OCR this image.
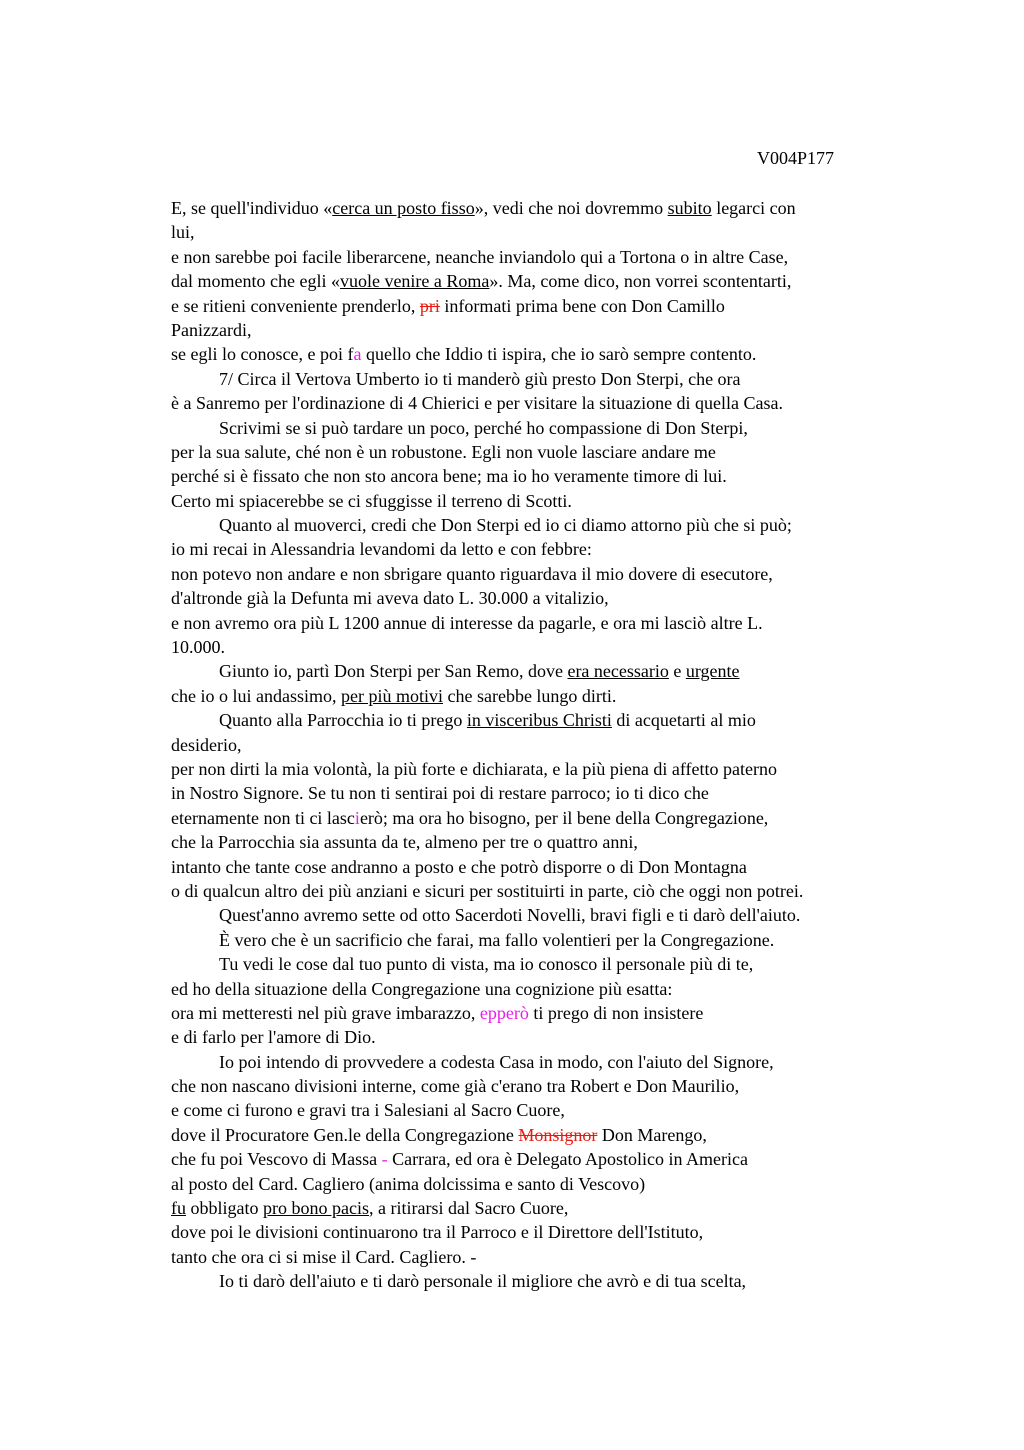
V004P177
E, se quell'individuo «cerca un posto fisso», vedi che noi dovremmo subito legarci con
lui,
e non sarebbe poi facile liberarcene, neanche inviandolo qui a Tortona o in altre Case,
dal momento che egli «vuole venire a Roma». Ma, come dico, non vorrei scontentarti,
e se ritieni conveniente prenderlo, pri informati prima bene con Don Camillo
Panizzardi,
se egli lo conosce, e poi fa quello che Iddio ti ispira, che io sarò sempre contento.
7/ Circa il Vertova Umberto io ti manderò giù presto Don Sterpi, che ora
è a Sanremo per l'ordinazione di 4 Chierici e per visitare la situazione di quella Casa.
Scrivimi se si può tardare un poco, perché ho compassione di Don Sterpi,
per la sua salute, ché non è un robustone. Egli non vuole lasciare andare me
perché si è fissato che non sto ancora bene; ma io ho veramente timore di lui.
Certo mi spiacerebbe se ci sfuggisse il terreno di Scotti.
Quanto al muoverci, credi che Don Sterpi ed io ci diamo attorno più che si può;
io mi recai in Alessandria levandomi da letto e con febbre:
non potevo non andare e non sbrigare quanto riguardava il mio dovere di esecutore,
d'altronde già la Defunta mi aveva dato L. 30.000 a vitalizio,
e non avremo ora più L 1200 annue di interesse da pagarle, e ora mi lasciò altre L.
10.000.
Giunto io, partì Don Sterpi per San Remo, dove era necessario e urgente
che io o lui andassimo, per più motivi che sarebbe lungo dirti.
Quanto alla Parrocchia io ti prego in visceribus Christi di acquetarti al mio
desiderio,
per non dirti la mia volontà, la più forte e dichiarata, e la più piena di affetto paterno
in Nostro Signore. Se tu non ti sentirai poi di restare parroco; io ti dico che
eternamente non ti ci lascierò; ma ora ho bisogno, per il bene della Congregazione,
che la Parrocchia sia assunta da te, almeno per tre o quattro anni,
intanto che tante cose andranno a posto e che potrò disporre o di Don Montagna
o di qualcun altro dei più anziani e sicuri per sostituirti in parte, ciò che oggi non potrei.
Quest'anno avremo sette od otto Sacerdoti Novelli, bravi figli e ti darò dell'aiuto.
È vero che è un sacrificio che farai, ma fallo volentieri per la Congregazione.
Tu vedi le cose dal tuo punto di vista, ma io conosco il personale più di te,
ed ho della situazione della Congregazione una cognizione più esatta:
ora mi metteresti nel più grave imbarazzo, epperò ti prego di non insistere
e di farlo per l'amore di Dio.
Io poi intendo di provvedere a codesta Casa in modo, con l'aiuto del Signore,
che non nascano divisioni interne, come già c'erano tra Robert e Don Maurilio,
e come ci furono e gravi tra i Salesiani al Sacro Cuore,
dove il Procuratore Gen.le della Congregazione Monsignor Don Marengo,
che fu poi Vescovo di Massa - Carrara, ed ora è Delegato Apostolico in America
al posto del Card. Cagliero (anima dolcissima e santo di Vescovo)
fu obbligato pro bono pacis, a ritirarsi dal Sacro Cuore,
dove poi le divisioni continuarono tra il Parroco e il Direttore dell'Istituto,
tanto che ora ci si mise il Card. Cagliero. -
Io ti darò dell'aiuto e ti darò personale il migliore che avrò e di tua scelta,
